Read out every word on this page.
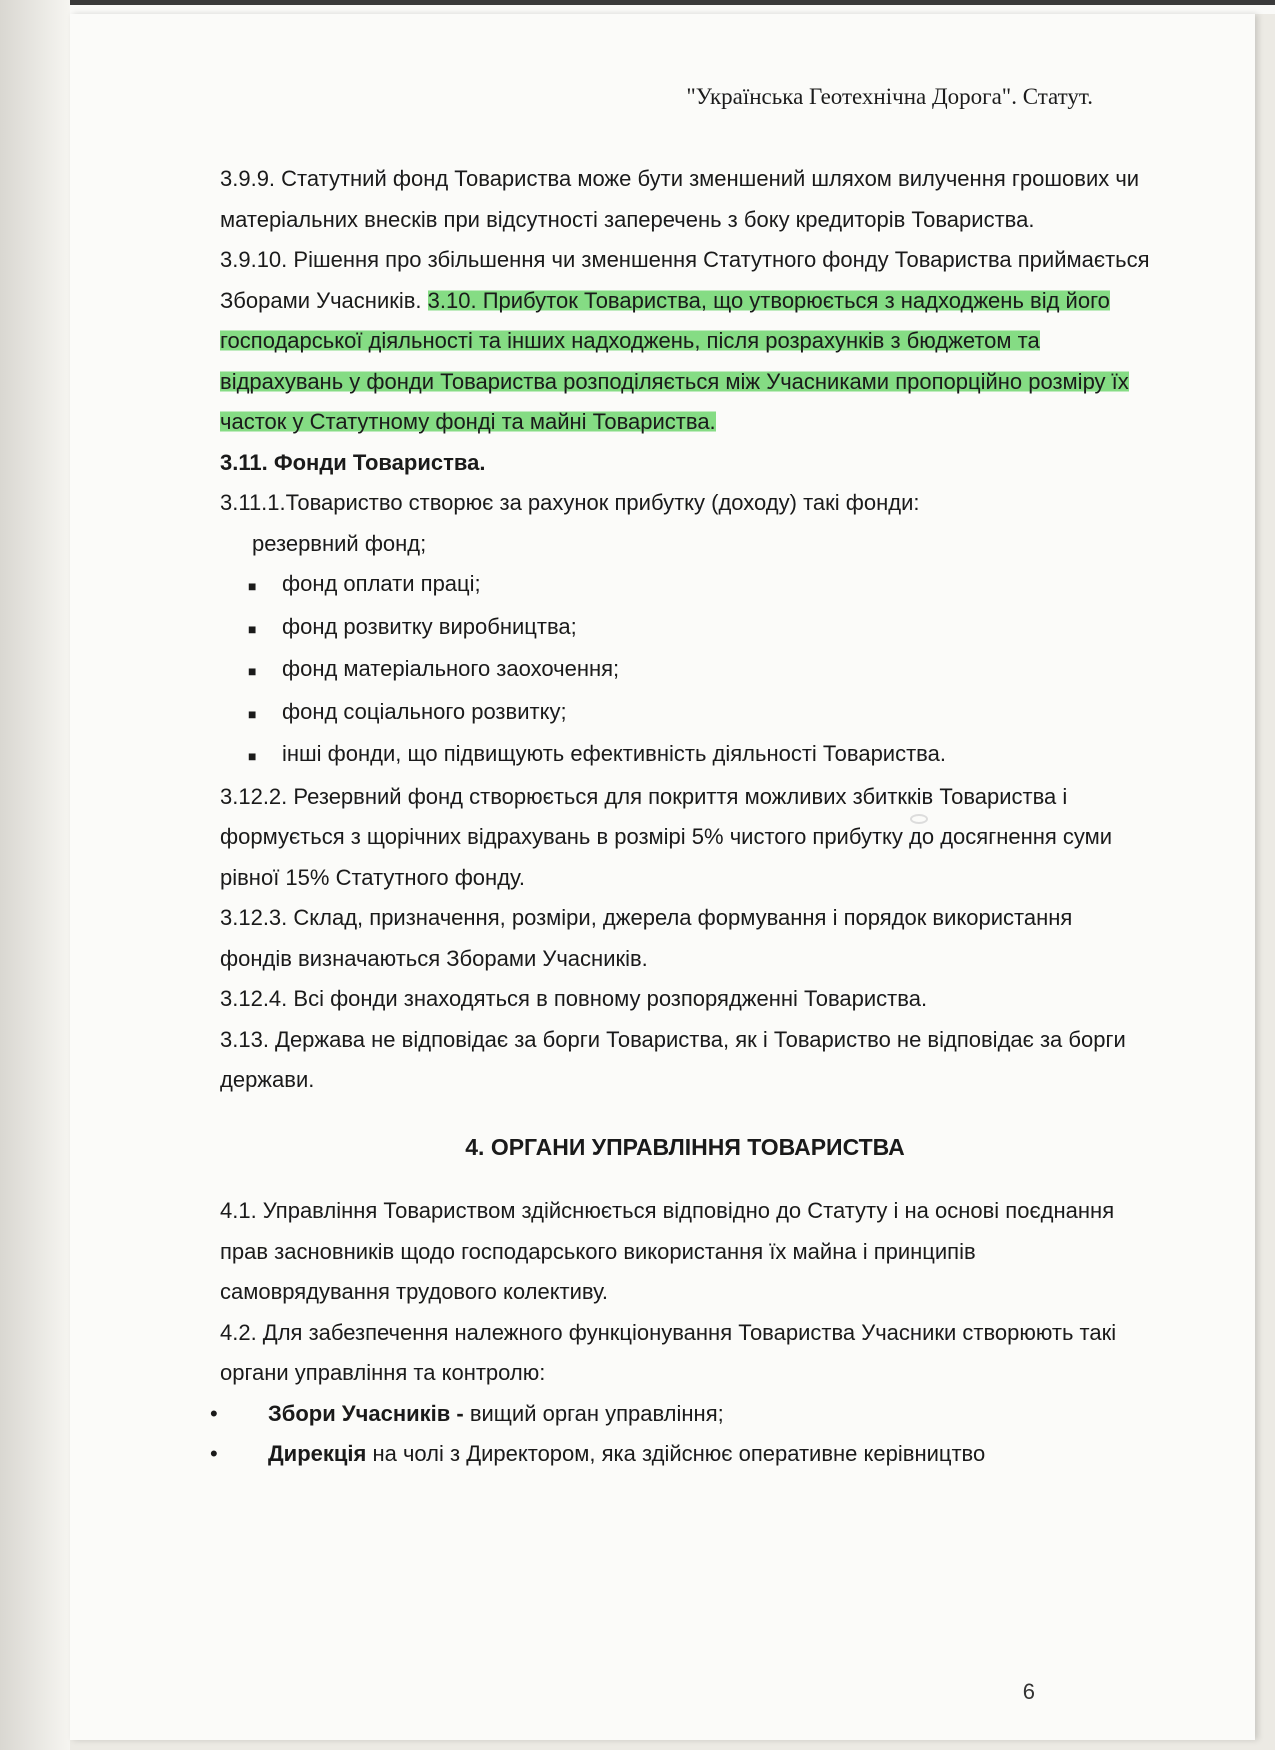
"Українська Геотехнічна Дорога". Статут.

3.9.9. Статутний фонд Товариства може бути зменшений шляхом вилучення грошових чи матеріальних внесків при відсутності заперечень з боку кредиторів Товариства.

3.9.10. Рішення про збільшення чи зменшення Статутного фонду Товариства приймається Зборами Учасників. 3.10. Прибуток Товариства, що утворюється з надходжень від його господарської діяльності та інших надходжень, після розрахунків з бюджетом та відрахувань у фонди Товариства розподіляється між Учасниками пропорційно розміру їх часток у Статутному фонді та майні Товариства.

3.11. Фонди Товариства.

3.11.1.Товариство створює за рахунок прибутку (доходу) такі фонди:

резервний фонд;
■	фонд оплати праці;
■	фонд розвитку виробництва;
■	фонд матеріального заохочення;
■	фонд соціального розвитку;
■	інші фонди, що підвищують ефективність діяльності Товариства.

3.12.2. Резервний фонд створюється для покриття можливих збиткків Товариства і формується з щорічних відрахувань в розмірі 5% чистого прибутку до досягнення суми рівної 15% Статутного фонду.

3.12.3. Склад, призначення, розміри, джерела формування і порядок використання фондів визначаються Зборами Учасників.

3.12.4. Всі фонди знаходяться в повному розпорядженні Товариства.

3.13. Держава не відповідає за борги Товариства, як і Товариство не відповідає за борги держави.

4. ОРГАНИ УПРАВЛІННЯ ТОВАРИСТВА

4.1. Управління Товариством здійснюється відповідно до Статуту і на основі поєднання прав засновників щодо господарського використання їх майна і принципів самоврядування трудового колективу.

4.2. Для забезпечення належного функціонування Товариства Учасники створюють такі органи управління та контролю:

•	Збори Учасників - вищий орган управління;
•	Дирекція на чолі з Директором, яка здійснює оперативне керівництво
6
